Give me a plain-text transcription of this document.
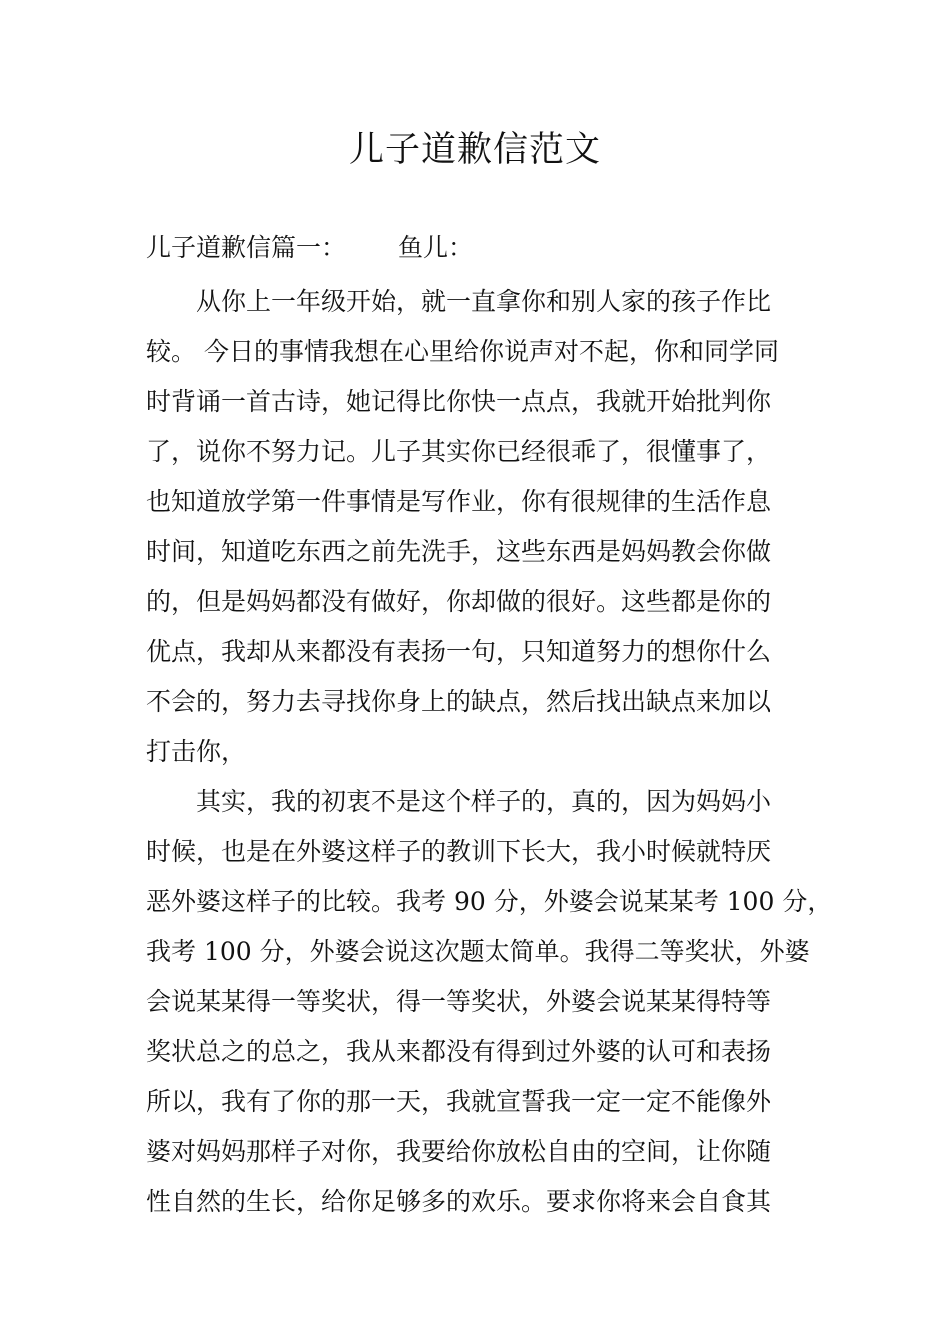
儿子道歉信范文
儿子道歉信篇一： 鱼儿：
从你上一年级开始，就一直拿你和别人家的孩子作比
较。 今日的事情我想在心里给你说声对不起，你和同学同
时背诵一首古诗，她记得比你快一点点，我就开始批判你
了，说你不努力记。儿子其实你已经很乖了，很懂事了，
也知道放学第一件事情是写作业，你有很规律的生活作息
时间，知道吃东西之前先洗手，这些东西是妈妈教会你做
的，但是妈妈都没有做好，你却做的很好。这些都是你的
优点，我却从来都没有表扬一句，只知道努力的想你什么
不会的，努力去寻找你身上的缺点，然后找出缺点来加以
打击你，
其实，我的初衷不是这个样子的，真的，因为妈妈小
时候，也是在外婆这样子的教训下长大，我小时候就特厌
恶外婆这样子的比较。我考 90 分，外婆会说某某考 100 分，
我考 100 分，外婆会说这次题太简单。我得二等奖状，外婆
会说某某得一等奖状，得一等奖状，外婆会说某某得特等
奖状总之的总之，我从来都没有得到过外婆的认可和表扬
所以，我有了你的那一天，我就宣誓我一定一定不能像外
婆对妈妈那样子对你，我要给你放松自由的空间，让你随
性自然的生长，给你足够多的欢乐。要求你将来会自食其
